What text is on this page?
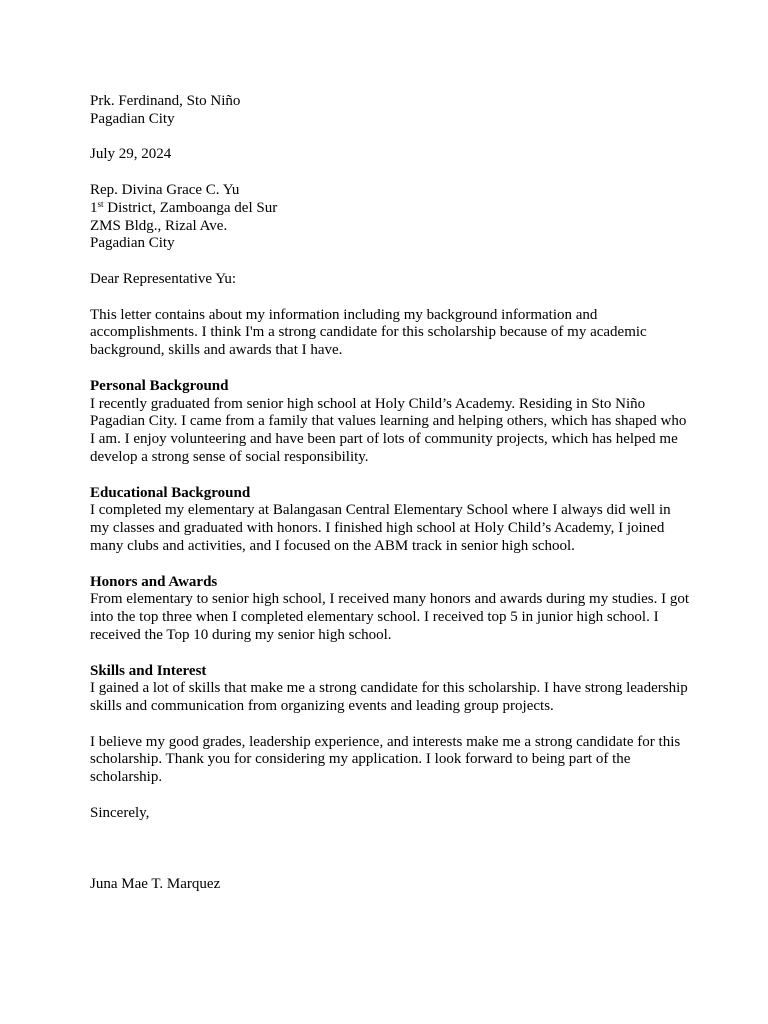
Prk. Ferdinand, Sto Niño
Pagadian City
July 29, 2024
Rep. Divina Grace C. Yu
1st District, Zamboanga del Sur
ZMS Bldg., Rizal Ave.
Pagadian City
Dear Representative Yu:
This letter contains about my information including my background information and accomplishments. I think I'm a strong candidate for this scholarship because of my academic background, skills and awards that I have.
Personal Background
I recently graduated from senior high school at Holy Child’s Academy. Residing in Sto Niño Pagadian City. I came from a family that values learning and helping others, which has shaped who I am. I enjoy volunteering and have been part of lots of community projects, which has helped me develop a strong sense of social responsibility.
Educational Background
I completed my elementary at Balangasan Central Elementary School where I always did well in my classes and graduated with honors. I finished high school at Holy Child’s Academy, I joined many clubs and activities, and I focused on the ABM track in senior high school.
Honors and Awards
From elementary to senior high school, I received many honors and awards during my studies. I got into the top three when I completed elementary school. I received top 5 in junior high school. I received the Top 10 during my senior high school.
Skills and Interest
I gained a lot of skills that make me a strong candidate for this scholarship. I have strong leadership skills and communication from organizing events and leading group projects.
I believe my good grades, leadership experience, and interests make me a strong candidate for this scholarship. Thank you for considering my application. I look forward to being part of the scholarship.
Sincerely,
Juna Mae T. Marquez
